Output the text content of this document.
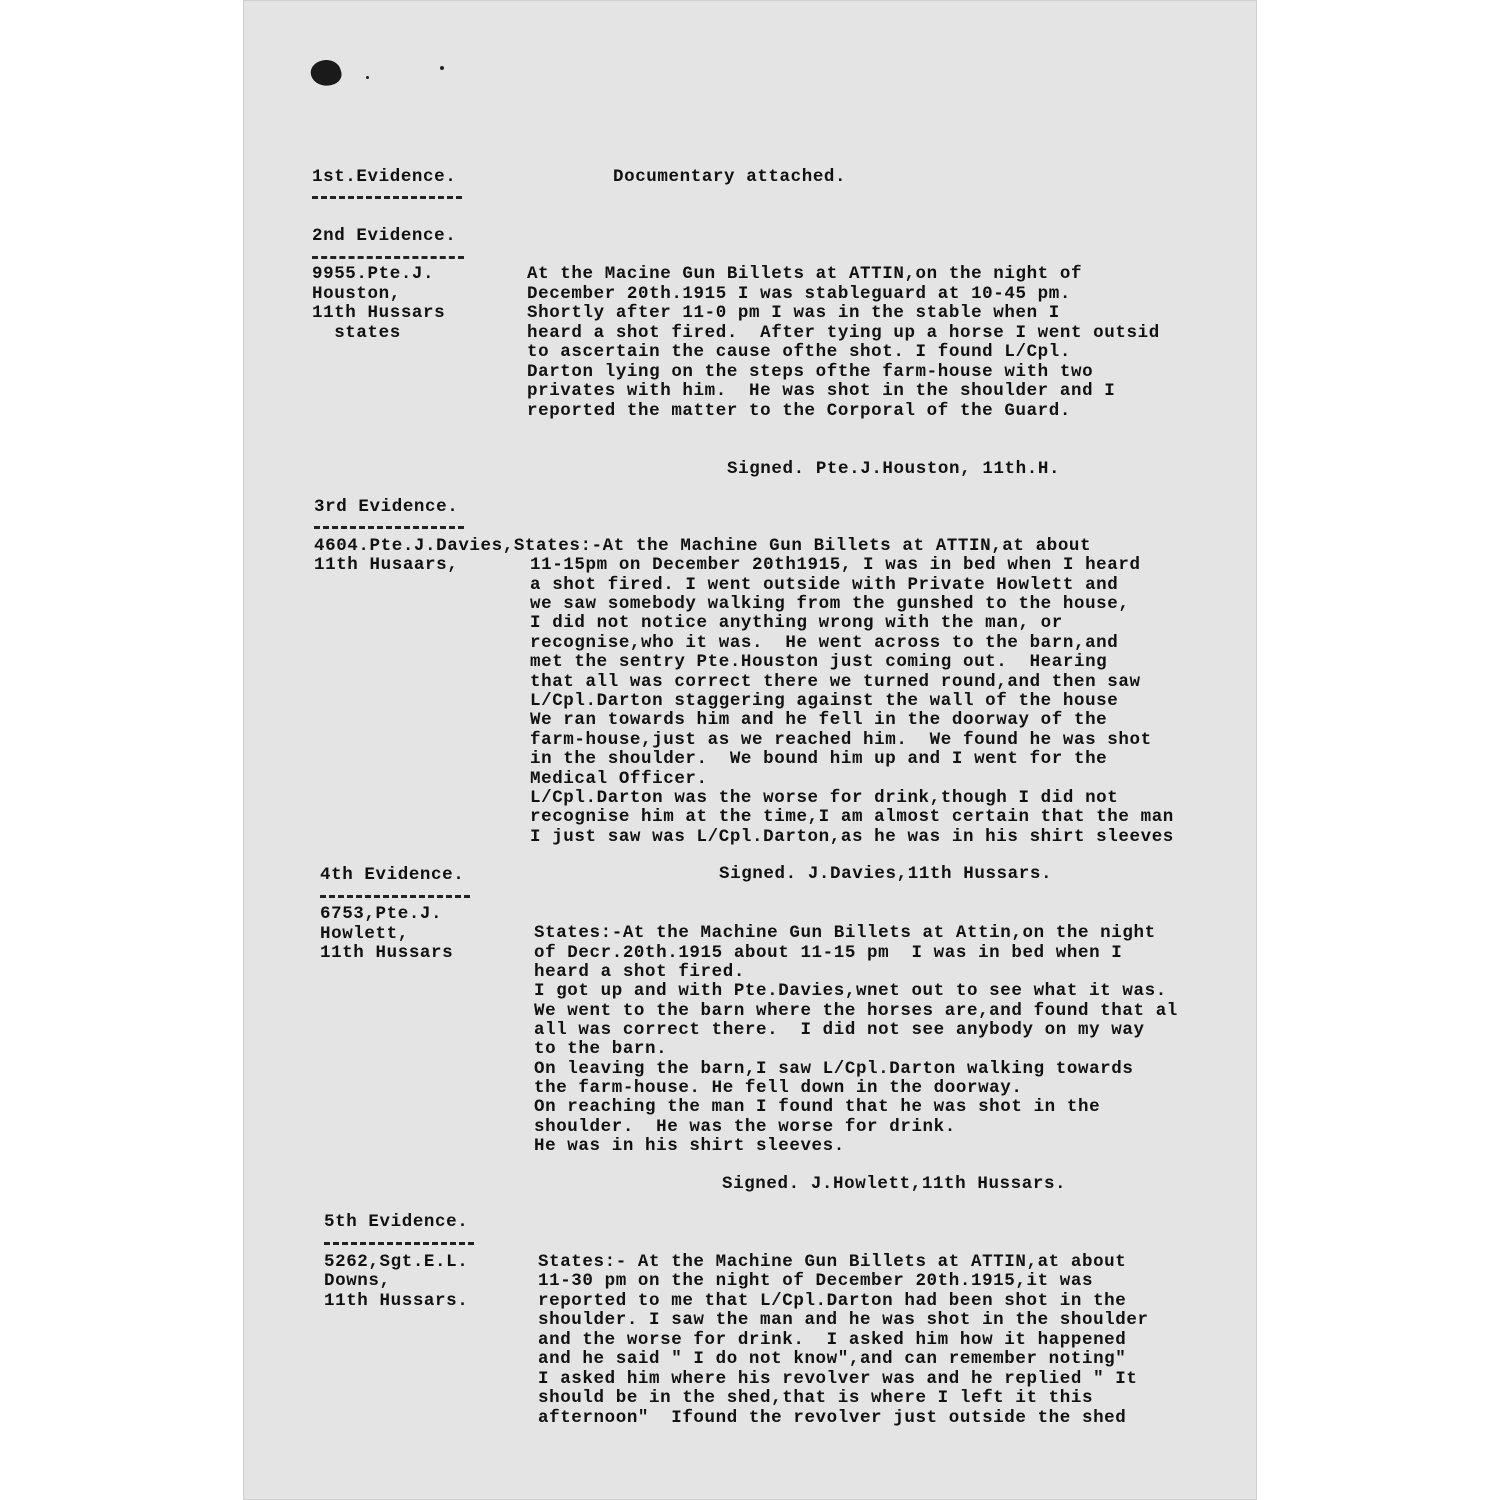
1st.Evidence.	Documentary attached.
2nd Evidence.
9955.Pte.J.
Houston,
11th Hussars
states
At the Macine Gun Billets at ATTIN,on the night of
December 20th.1915 I was stableguard at 10-45 pm.
Shortly after 11-0 pm I was in the stable when I
heard a shot fired.  After tying up a horse I went outsid
to ascertain the cause ofthe shot. I found L/Cpl.
Darton lying on the steps ofthe farm-house with two
privates with him.  He was shot in the shoulder and I
reported the matter to the Corporal of the Guard.
Signed. Pte.J.Houston, 11th.H.
3rd Evidence.
4604.Pte.J.Davies,States:-At the Machine Gun Billets at ATTIN,at about
11th Husaars,	11-15pm on December 20th1915, I was in bed when I heard
a shot fired. I went outside with Private Howlett and
we saw somebody walking from the gunshed to the house,
I did not notice anything wrong with the man, or
recognise,who it was.  He went across to the barn,and
met the sentry Pte.Houston just coming out.  Hearing
that all was correct there we turned round,and then saw
L/Cpl.Darton staggering against the wall of the house
We ran towards him and he fell in the doorway of the
farm-house,just as we reached him.  We found he was shot
in the shoulder.  We bound him up and I went for the
Medical Officer.
L/Cpl.Darton was the worse for drink,though I did not
recognise him at the time,I am almost certain that the man
I just saw was L/Cpl.Darton,as he was in his shirt sleeves
Signed. J.Davies,11th Hussars.
4th Evidence.
6753,Pte.J.
Howlett,
11th Hussars
States:-At the Machine Gun Billets at Attin,on the night
of Decr.20th.1915 about 11-15 pm  I was in bed when I
heard a shot fired.
I got up and with Pte.Davies,wnet out to see what it was.
We went to the barn where the horses are,and found that al
all was correct there.  I did not see anybody on my way
to the barn.
On leaving the barn,I saw L/Cpl.Darton walking towards
the farm-house. He fell down in the doorway.
On reaching the man I found that he was shot in the
shoulder.  He was the worse for drink.
He was in his shirt sleeves.
Signed. J.Howlett,11th Hussars.
5th Evidence.
5262,Sgt.E.L.
Downs,
11th Hussars.
States:- At the Machine Gun Billets at ATTIN,at about
11-30 pm on the night of December 20th.1915,it was
reported to me that L/Cpl.Darton had been shot in the
shoulder. I saw the man and he was shot in the shoulder
and the worse for drink.  I asked him how it happened
and he said " I do not know",and can remember noting"
I asked him where his revolver was and he replied " It
should be in the shed,that is where I left it this
afternoon"  Ifound the revolver just outside the shed
